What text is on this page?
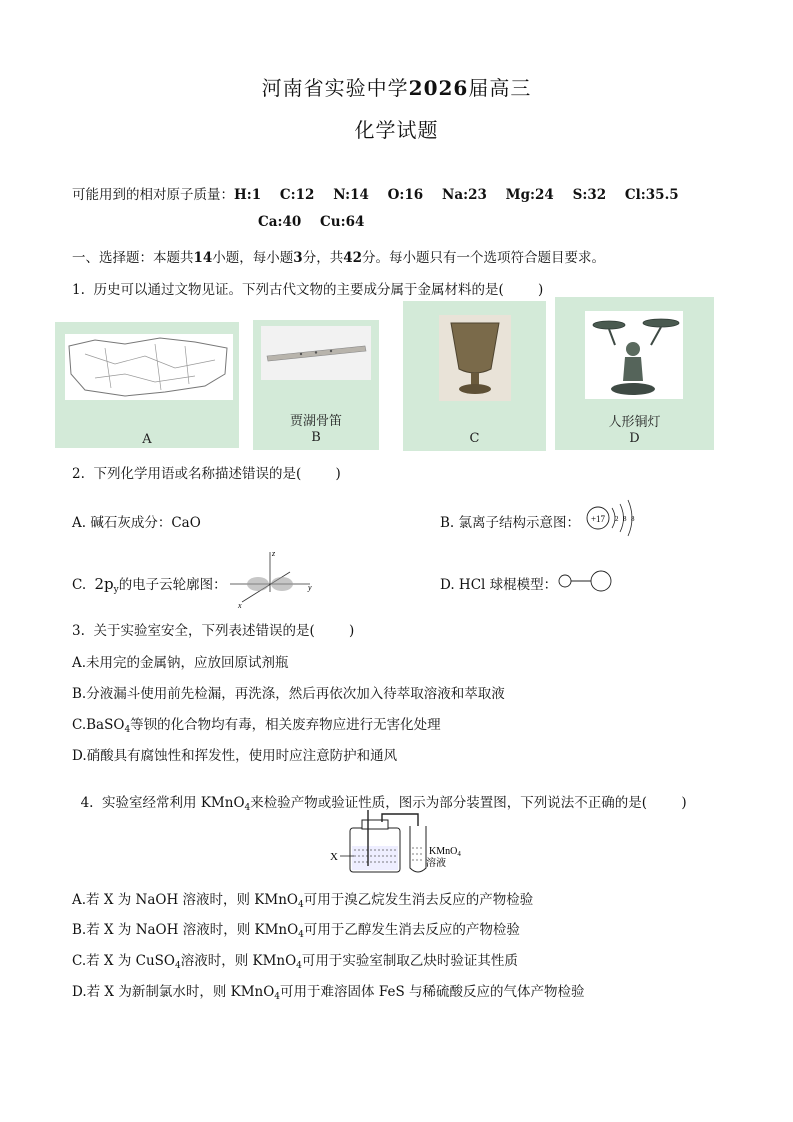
河南省实验中学2026届高三
化学试题
可能用到的相对原子质量：H:1    C:12    N:14    O:16    Na:23    Mg:24    S:32    Cl:35.5
Ca:40    Cu:64
一、选择题：本题共14小题，每小题3分，共42分。每小题只有一个选项符合题目要求。
1.  历史可以通过文物见证。下列古代文物的主要成分属于金属材料的是(        )
A
贾湖骨笛
B	C
人形铜灯
D
2.  下列化学用语或名称描述错误的是(        )
A. 碱石灰成分：CaO	B. 氯离子结构示意图： +17 2 8 8
C. $2p_y$的电子云轮廓图：
z
y
x
D. HCl 球棍模型：
3.  关于实验室安全，下列表述错误的是(        )
A.未用完的金属钠，应放回原试剂瓶
B.分液漏斗使用前先检漏，再洗涤，然后再依次加入待萃取溶液和萃取液
C.BaSO$_4$等钡的化合物均有毒，相关废弃物应进行无害化处理
D.硝酸具有腐蚀性和挥发性，使用时应注意防护和通风

4.  实验室经常利用 KMnO$_4$来检验产物或验证性质，图示为部分装置图，下列说法不正确的是(        )

X	KMnO$_4$
溶液
A.若 X 为 NaOH 溶液时，则 KMnO$_4$可用于溴乙烷发生消去反应的产物检验
B.若 X 为 NaOH 溶液时，则 KMnO$_4$可用于乙醇发生消去反应的产物检验
C.若 X 为 CuSO$_4$溶液时，则 KMnO$_4$可用于实验室制取乙炔时验证其性质
D.若 X 为新制氯水时，则 KMnO$_4$可用于难溶固体 FeS 与稀硫酸反应的气体产物检验
